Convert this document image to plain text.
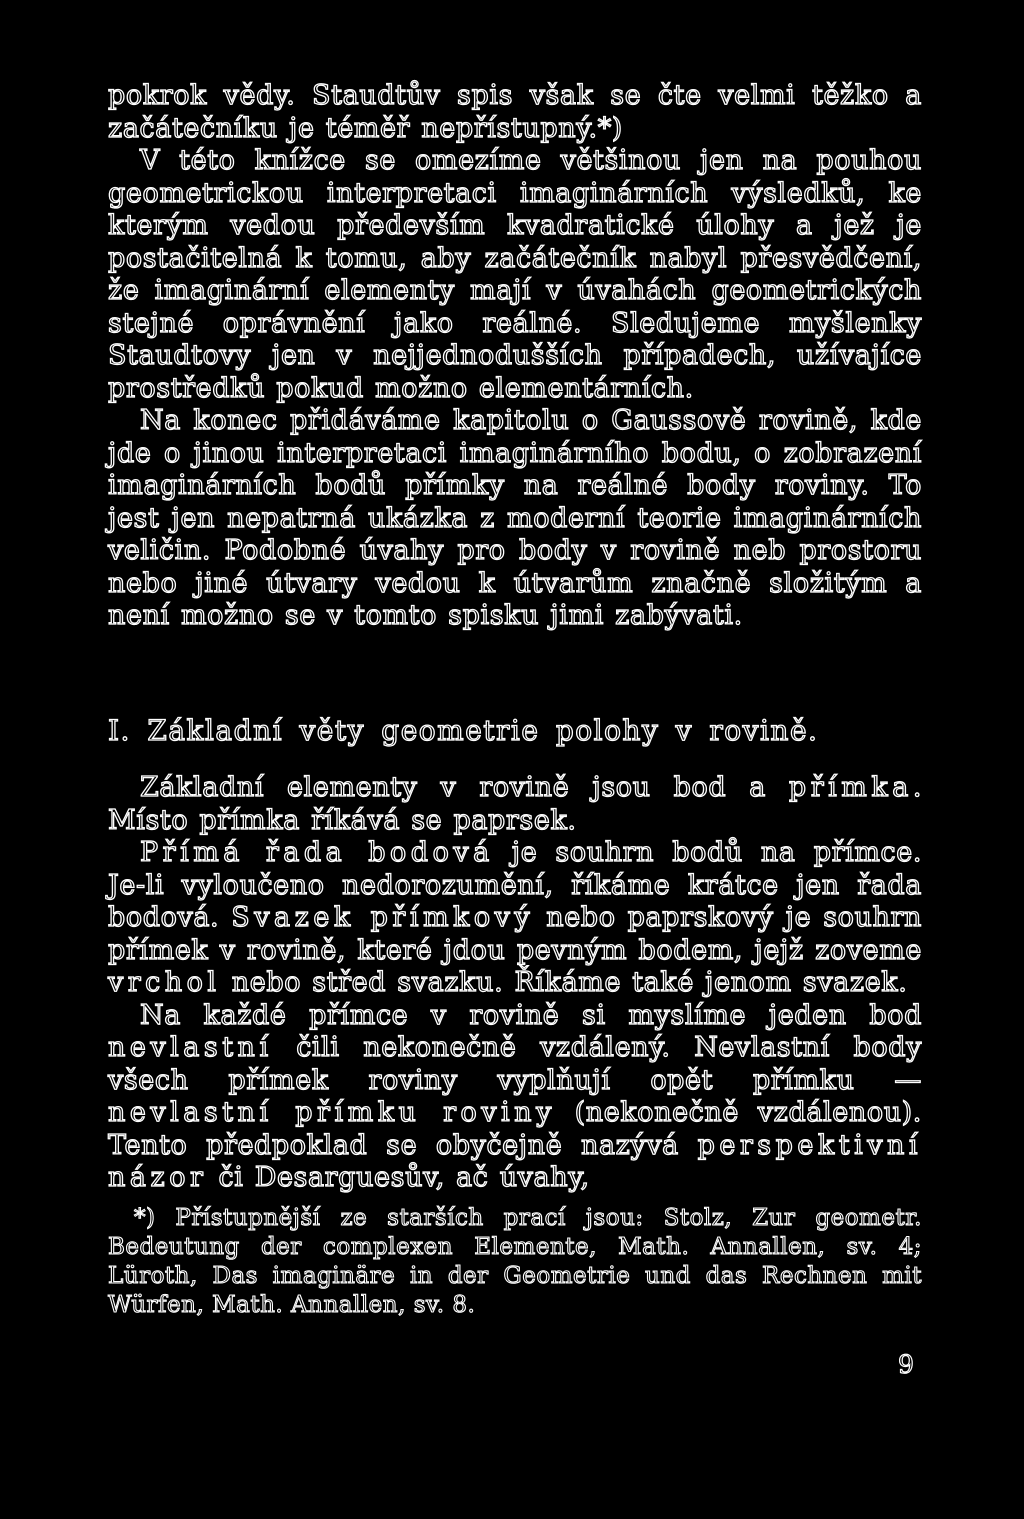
pokrok vědy. Staudtův spis však se čte velmi těžko a začátečníku je téměř nepřístupný.*)

V této knížce se omezíme většinou jen na pouhou geometrickou interpretaci imaginárních výsledků, ke kterým vedou především kvadratické úlohy a jež je postačitelná k tomu, aby začátečník nabyl přesvědčení, že imaginární elementy mají v úvahách geometrických stejné oprávnění jako reálné. Sledujeme myšlenky Staudtovy jen v nejjednodušších případech, užívajíce prostředků pokud možno elementárních.

Na konec přidáváme kapitolu o Gaussově rovině, kde jde o jinou interpretaci imaginárního bodu, o zobrazení imaginárních bodů přímky na reálné body roviny. To jest jen nepatrná ukázka z moderní teorie imaginárních veličin. Podobné úvahy pro body v rovině neb prostoru nebo jiné útvary vedou k útvarům značně složitým a není možno se v tomto spisku jimi zabývati.

I. Základní věty geometrie polohy v rovině.

Základní elementy v rovině jsou bod a přímka. Místo přímka říkává se paprsek.

Přímá řada bodová je souhrn bodů na přímce. Je-li vyloučeno nedorozumění, říkáme krátce jen řada bodová. Svazek přímkový nebo paprskový je souhrn přímek v rovině, které jdou pevným bodem, jejž zoveme vrchol nebo střed svazku. Říkáme také jenom svazek.

Na každé přímce v rovině si myslíme jeden bod nevlastní čili nekonečně vzdálený. Nevlastní body všech přímek roviny vyplňují opět přímku — nevlastní přímku roviny (nekonečně vzdálenou). Tento předpoklad se obyčejně nazývá perspektivní názor či Desarguesův, ač úvahy,

*) Přístupnější ze starších prací jsou: Stolz, Zur geometr. Bedeutung der complexen Elemente, Math. Annallen, sv. 4; Lüroth, Das imaginäre in der Geometrie und das Rechnen mit Würfen, Math. Annallen, sv. 8.

9
